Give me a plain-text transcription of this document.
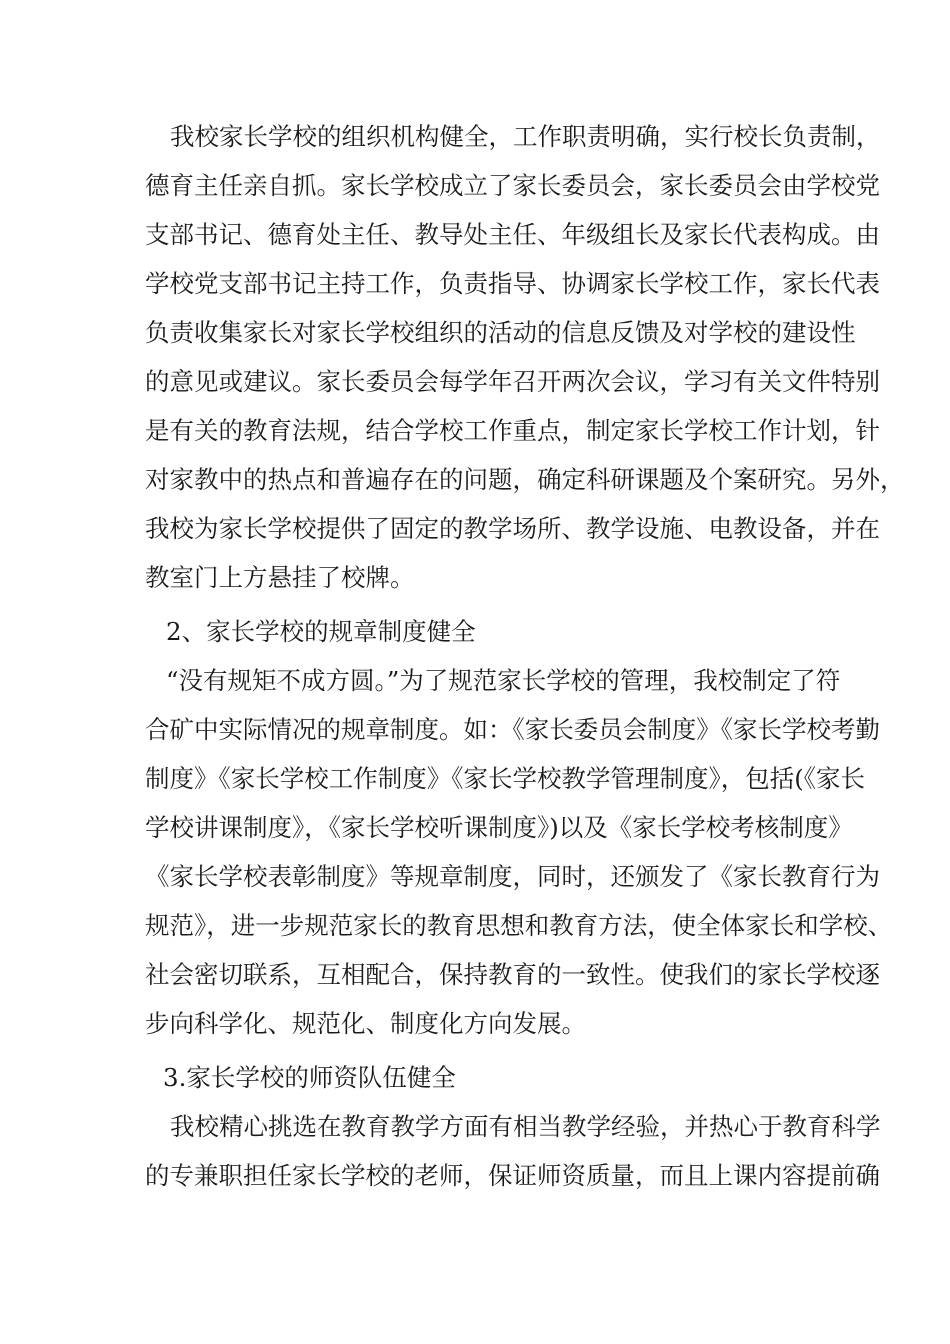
我校家长学校的组织机构健全，工作职责明确，实行校长负责制，
德育主任亲自抓。家长学校成立了家长委员会，家长委员会由学校党
支部书记、德育处主任、教导处主任、年级组长及家长代表构成。由
学校党支部书记主持工作，负责指导、协调家长学校工作，家长代表
负责收集家长对家长学校组织的活动的信息反馈及对学校的建设性
的意见或建议。家长委员会每学年召开两次会议，学习有关文件特别
是有关的教育法规，结合学校工作重点，制定家长学校工作计划，针
对家教中的热点和普遍存在的问题，确定科研课题及个案研究。另外，
我校为家长学校提供了固定的教学场所、教学设施、电教设备，并在
教室门上方悬挂了校牌。
2、家长学校的规章制度健全
“没有规矩不成方圆。”为了规范家长学校的管理，我校制定了符
合矿中实际情况的规章制度。如：《家长委员会制度》《家长学校考勤
制度》《家长学校工作制度》《家长学校教学管理制度》，包括(《家长
学校讲课制度》，《家长学校听课制度》)以及《家长学校考核制度》
《家长学校表彰制度》等规章制度，同时，还颁发了《家长教育行为
规范》，进一步规范家长的教育思想和教育方法，使全体家长和学校、
社会密切联系，互相配合，保持教育的一致性。使我们的家长学校逐
步向科学化、规范化、制度化方向发展。
3.家长学校的师资队伍健全
我校精心挑选在教育教学方面有相当教学经验，并热心于教育科学
的专兼职担任家长学校的老师，保证师资质量，而且上课内容提前确
